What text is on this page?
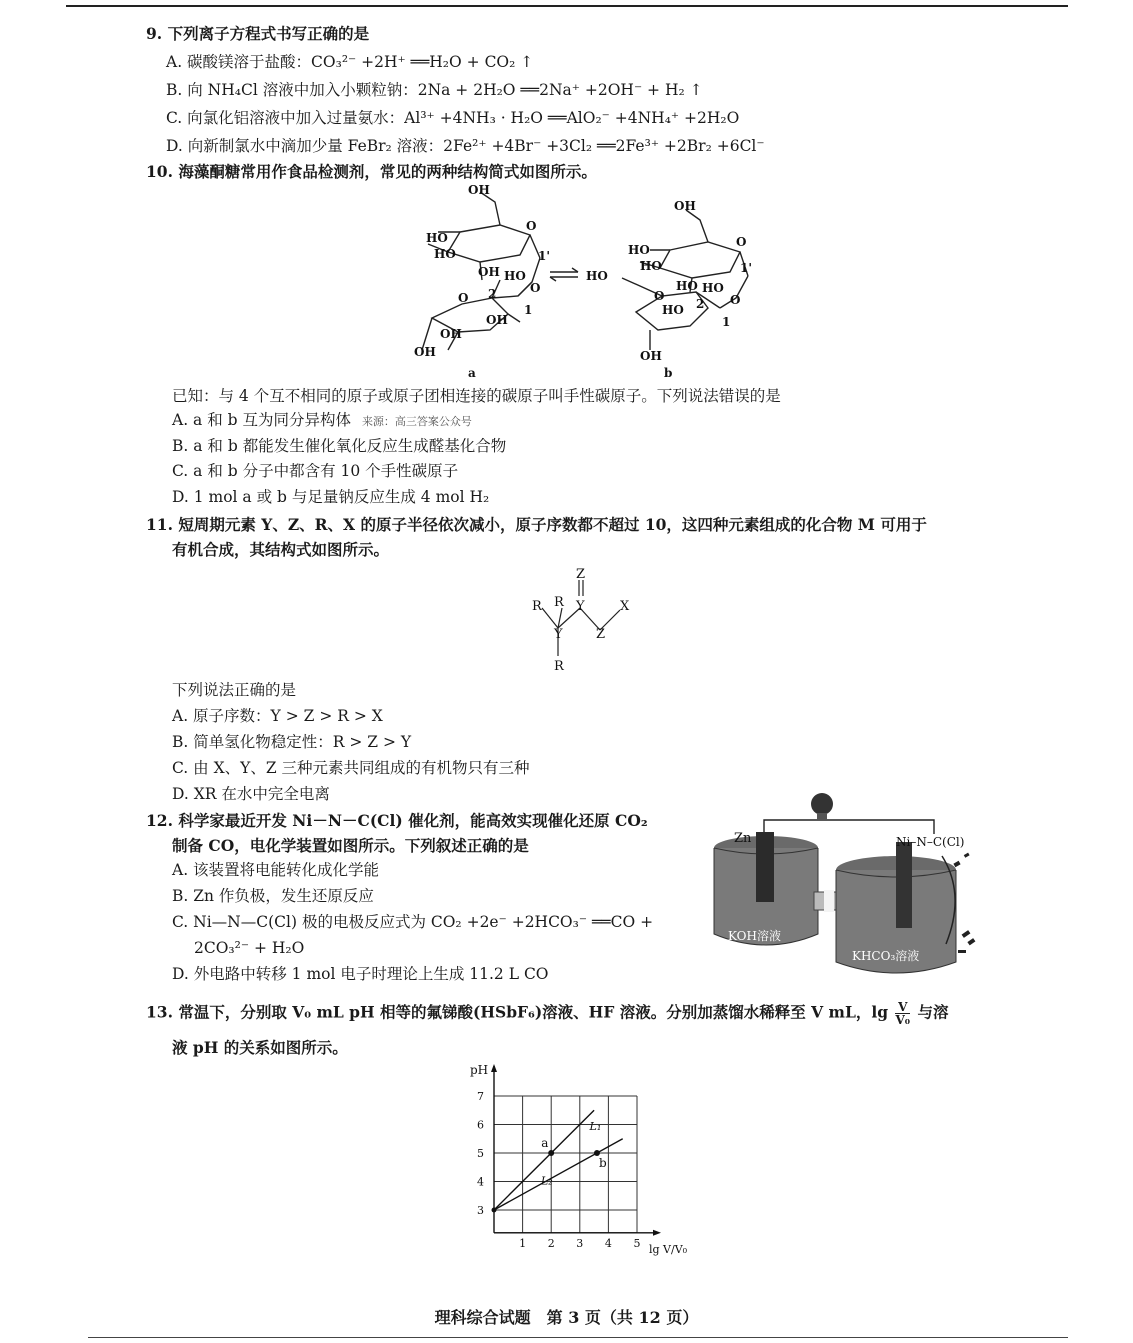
9. 下列离子方程式书写正确的是
A. 碳酸镁溶于盐酸：CO₃²⁻ +2H⁺ ══H₂O + CO₂ ↑
B. 向 NH₄Cl 溶液中加入小颗粒钠：2Na + 2H₂O ══2Na⁺ +2OH⁻ + H₂ ↑
C. 向氯化铝溶液中加入过量氨水：Al³⁺ +4NH₃ · H₂O ══AlO₂⁻ +4NH₄⁺ +2H₂O
D. 向新制氯水中滴加少量 FeBr₂ 溶液：2Fe²⁺ +4Br⁻ +3Cl₂ ══2Fe³⁺ +2Br₂ +6Cl⁻
10. 海藻酮糖常用作食品检测剂，常见的两种结构简式如图所示。
OH
HO
HO
O
1'
OH HO
O
2
1
O
OH
OH
OH
a
OH
HO
HO
O
1'
HO HO
O
2
1
O
HO
HO
OH
b
已知：与 4 个互不相同的原子或原子团相连接的碳原子叫手性碳原子。下列说法错误的是
A. a 和 b 互为同分异构体 来源：高三答案公众号
B. a 和 b 都能发生催化氧化反应生成醛基化合物
C. a 和 b 分子中都含有 10 个手性碳原子
D. 1 mol a 或 b 与足量钠反应生成 4 mol H₂
11. 短周期元素 Y、Z、R、X 的原子半径依次减小，原子序数都不超过 10，这四种元素组成的化合物 M 可用于
有机合成，其结构式如图所示。
Z
Y
R R	X
Z
Y
R
下列说法正确的是
A. 原子序数：Y > Z > R > X
B. 简单氢化物稳定性：R > Z > Y
C. 由 X、Y、Z 三种元素共同组成的有机物只有三种
D. XR 在水中完全电离
12. 科学家最近开发 Ni－N－C(Cl) 催化剂，能高效实现催化还原 CO₂
制备 CO，电化学装置如图所示。下列叙述正确的是
A. 该装置将电能转化成化学能
B. Zn 作负极，发生还原反应
C. Ni—N—C(Cl) 极的电极反应式为 CO₂ +2e⁻ +2HCO₃⁻ ══CO +
2CO₃²⁻ + H₂O
D. 外电路中转移 1 mol 电子时理论上生成 11.2 L CO
Zn	Ni–N–C(Cl)
KOH溶液
KHCO₃溶液
13. 常温下，分别取 V₀ mL pH 相等的氟锑酸(HSbF₆)溶液、HF 溶液。分别加蒸馏水稀释至 V mL，$\lg \frac{V}{\text{V₀}}$ 与溶
液 pH 的关系如图所示。
3
4
5
6
7
1 2 3 4 5
pH
lg V/V₀
L₁
L₂
a
b
理科综合试题　第 3 页（共 12 页）
